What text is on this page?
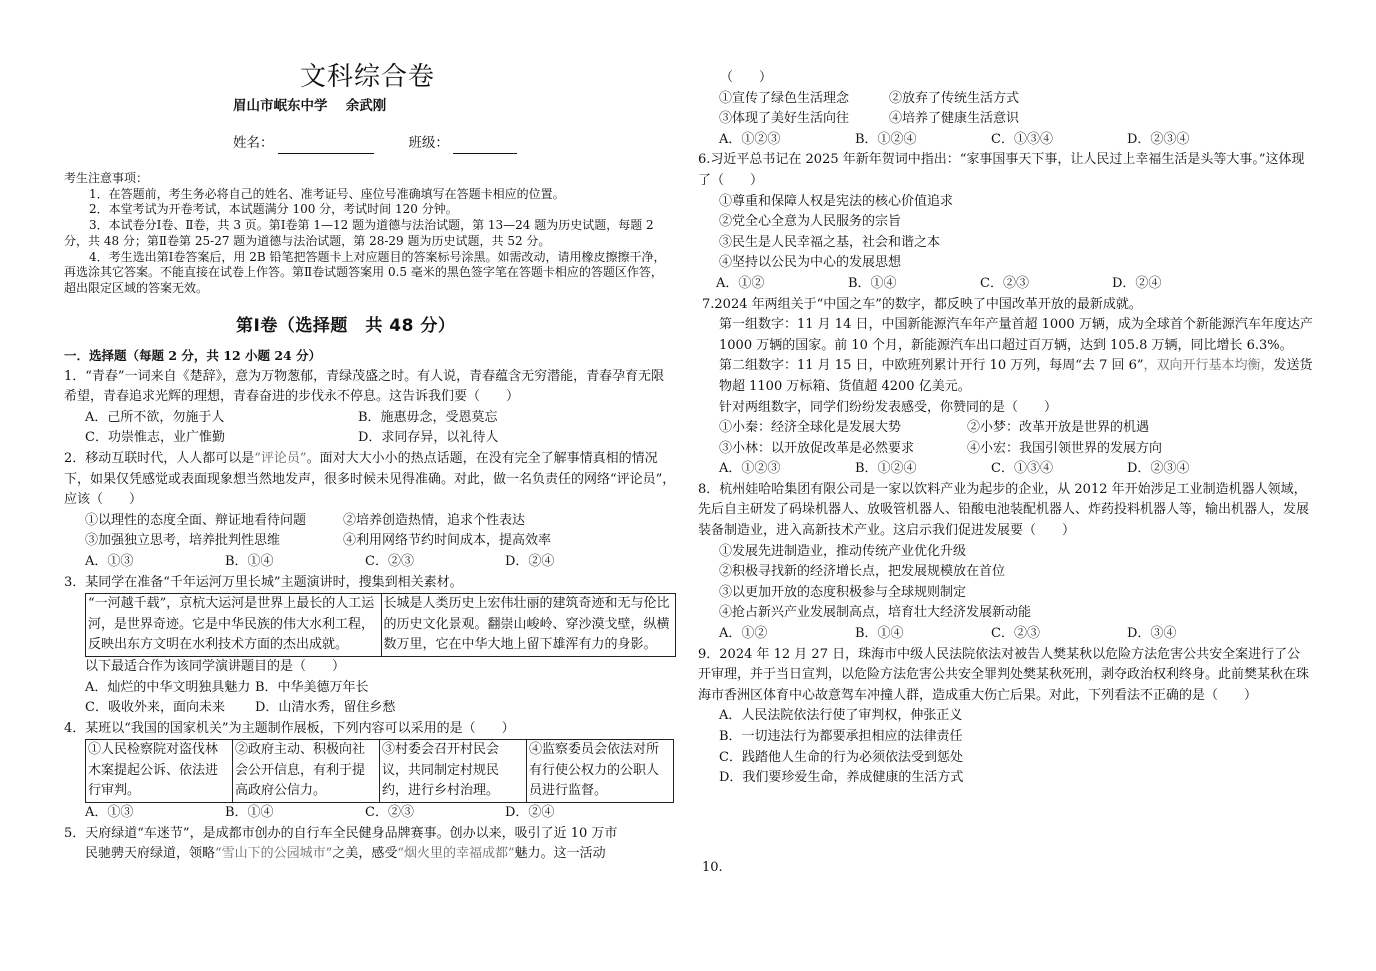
文科综合卷
眉山市岷东中学　 余武刚
姓名：	班级：

考生注意事项：

1．在答题前，考生务必将自己的姓名、准考证号、座位号准确填写在答题卡相应的位置。

2．本堂考试为开卷考试，本试题满分 100 分，考试时间 120 分钟。

3．本试卷分Ⅰ卷、Ⅱ卷，共 3 页。第Ⅰ卷第 1—12 题为道德与法治试题，第 13—24 题为历史试题，每题 2 分，共 48 分；第Ⅱ卷第 25-27 题为道德与法治试题，第 28-29 题为历史试题，共 52 分。

4．考生选出第Ⅰ卷答案后，用 2B 铅笔把答题卡上对应题目的答案标号涂黑。如需改动，请用橡皮擦擦干净，再选涂其它答案。不能直接在试卷上作答。第Ⅱ卷试题答案用 0.5 毫米的黑色签字笔在答题卡相应的答题区作答，超出限定区域的答案无效。

第Ⅰ卷（选择题　共 48 分）

一．选择题（每题 2 分，共 12 小题 24 分）

1．“青春”一词来自《楚辞》，意为万物葱郁，青绿茂盛之时。有人说，青春蕴含无穷潜能，青春孕育无限希望，青春追求光辉的理想，青春奋进的步伐永不停息。这告诉我们要（　　）

A．己所不欲，勿施于人	B．施惠毋念，受恩莫忘
C．功崇惟志，业广惟勤	D．求同存异，以礼待人

2．移动互联时代，人人都可以是“评论员”。面对大大小小的热点话题，在没有完全了解事情真相的情况下，如果仅凭感觉或表面现象想当然地发声，很多时候未见得准确。对此，做一名负责任的网络“评论员”，应该（　　）

①以理性的态度全面、辩证地看待问题	②培养创造热情，追求个性表达
③加强独立思考，培养批判性思维	④利用网络节约时间成本，提高效率
A．①③	B．①④	C．②③	D．②④

3．某同学在准备“千年运河万里长城”主题演讲时，搜集到相关素材。

“一河越千载”，京杭大运河是世界上最长的人工运河，是世界奇迹。它是中华民族的伟大水利工程，反映出东方文明在水利技术方面的杰出成就。	长城是人类历史上宏伟壮丽的建筑奇迹和无与伦比的历史文化景观。翻崇山峻岭、穿沙漠戈壁，纵横数万里，它在中华大地上留下雄浑有力的身影。

以下最适合作为该同学演讲题目的是（　　）

A．灿烂的中华文明独具魅力 B．中华美德万年长
C．吸收外来，面向未来	D．山清水秀，留住乡愁

4．某班以“我国的国家机关”为主题制作展板，下列内容可以采用的是（　　）

①人民检察院对盗伐林木案提起公诉、依法进行审判。	②政府主动、积极向社会公开信息，有利于提高政府公信力。	③村委会召开村民会议，共同制定村规民约，进行乡村治理。	④监察委员会依法对所有行使公权力的公职人员进行监督。
A．①③	B．①④	C．②③	D．②④

5．天府绿道“车迷节”，是成都市创办的自行车全民健身品牌赛事。创办以来，吸引了近 10 万市

民驰骋天府绿道，领略“雪山下的公园城市”之美，感受“烟火里的幸福成都”魅力。这一活动

（　　）

①宣传了绿色生活理念	②放弃了传统生活方式
③体现了美好生活向往	④培养了健康生活意识
A．①②③	B．①②④	C．①③④	D．②③④

6.习近平总书记在 2025 年新年贺词中指出：“家事国事天下事，让人民过上幸福生活是头等大事。”这体现了（　　）

①尊重和保障人权是宪法的核心价值追求

②党全心全意为人民服务的宗旨

③民生是人民幸福之基，社会和谐之本

④坚持以公民为中心的发展思想

A．①②	B．①④	C．②③	D．②④

7.2024 年两组关于“中国之车”的数字，都反映了中国改革开放的最新成就。

第一组数字：11 月 14 日，中国新能源汽车年产量首超 1000 万辆，成为全球首个新能源汽车年度达产 1000 万辆的国家。前 10 个月，新能源汽车出口超过百万辆，达到 105.8 万辆，同比增长 6.3%。

第二组数字：11 月 15 日，中欧班列累计开行 10 万列，每周“去 7 回 6”，双向开行基本均衡，发送货物超 1100 万标箱、货值超 4200 亿美元。

针对两组数字，同学们纷纷发表感受，你赞同的是（　　）

①小秦：经济全球化是发展大势	②小梦：改革开放是世界的机遇
③小林：以开放促改革是必然要求	④小宏：我国引领世界的发展方向
A．①②③	B．①②④	C．①③④	D．②③④

8．杭州娃哈哈集团有限公司是一家以饮料产业为起步的企业，从 2012 年开始涉足工业制造机器人领域，先后自主研发了码垛机器人、放吸管机器人、铅酸电池装配机器人、炸药投料机器人等，输出机器人，发展装备制造业，进入高新技术产业。这启示我们促进发展要（　　）

①发展先进制造业，推动传统产业优化升级

②积极寻找新的经济增长点，把发展规模放在首位

③以更加开放的态度积极参与全球规则制定

④抢占新兴产业发展制高点，培育壮大经济发展新动能

A．①②	B．①④	C．②③	D．③④

9．2024 年 12 月 27 日，珠海市中级人民法院依法对被告人樊某秋以危险方法危害公共安全案进行了公开审理，并于当日宣判，以危险方法危害公共安全罪判处樊某秋死刑，剥夺政治权利终身。此前樊某秋在珠海市香洲区体育中心故意驾车冲撞人群，造成重大伤亡后果。对此，下列看法不正确的是（　　）

A．人民法院依法行使了审判权，伸张正义

B．一切违法行为都要承担相应的法律责任

C．践踏他人生命的行为必须依法受到惩处

D．我们要珍爱生命，养成健康的生活方式

10.
